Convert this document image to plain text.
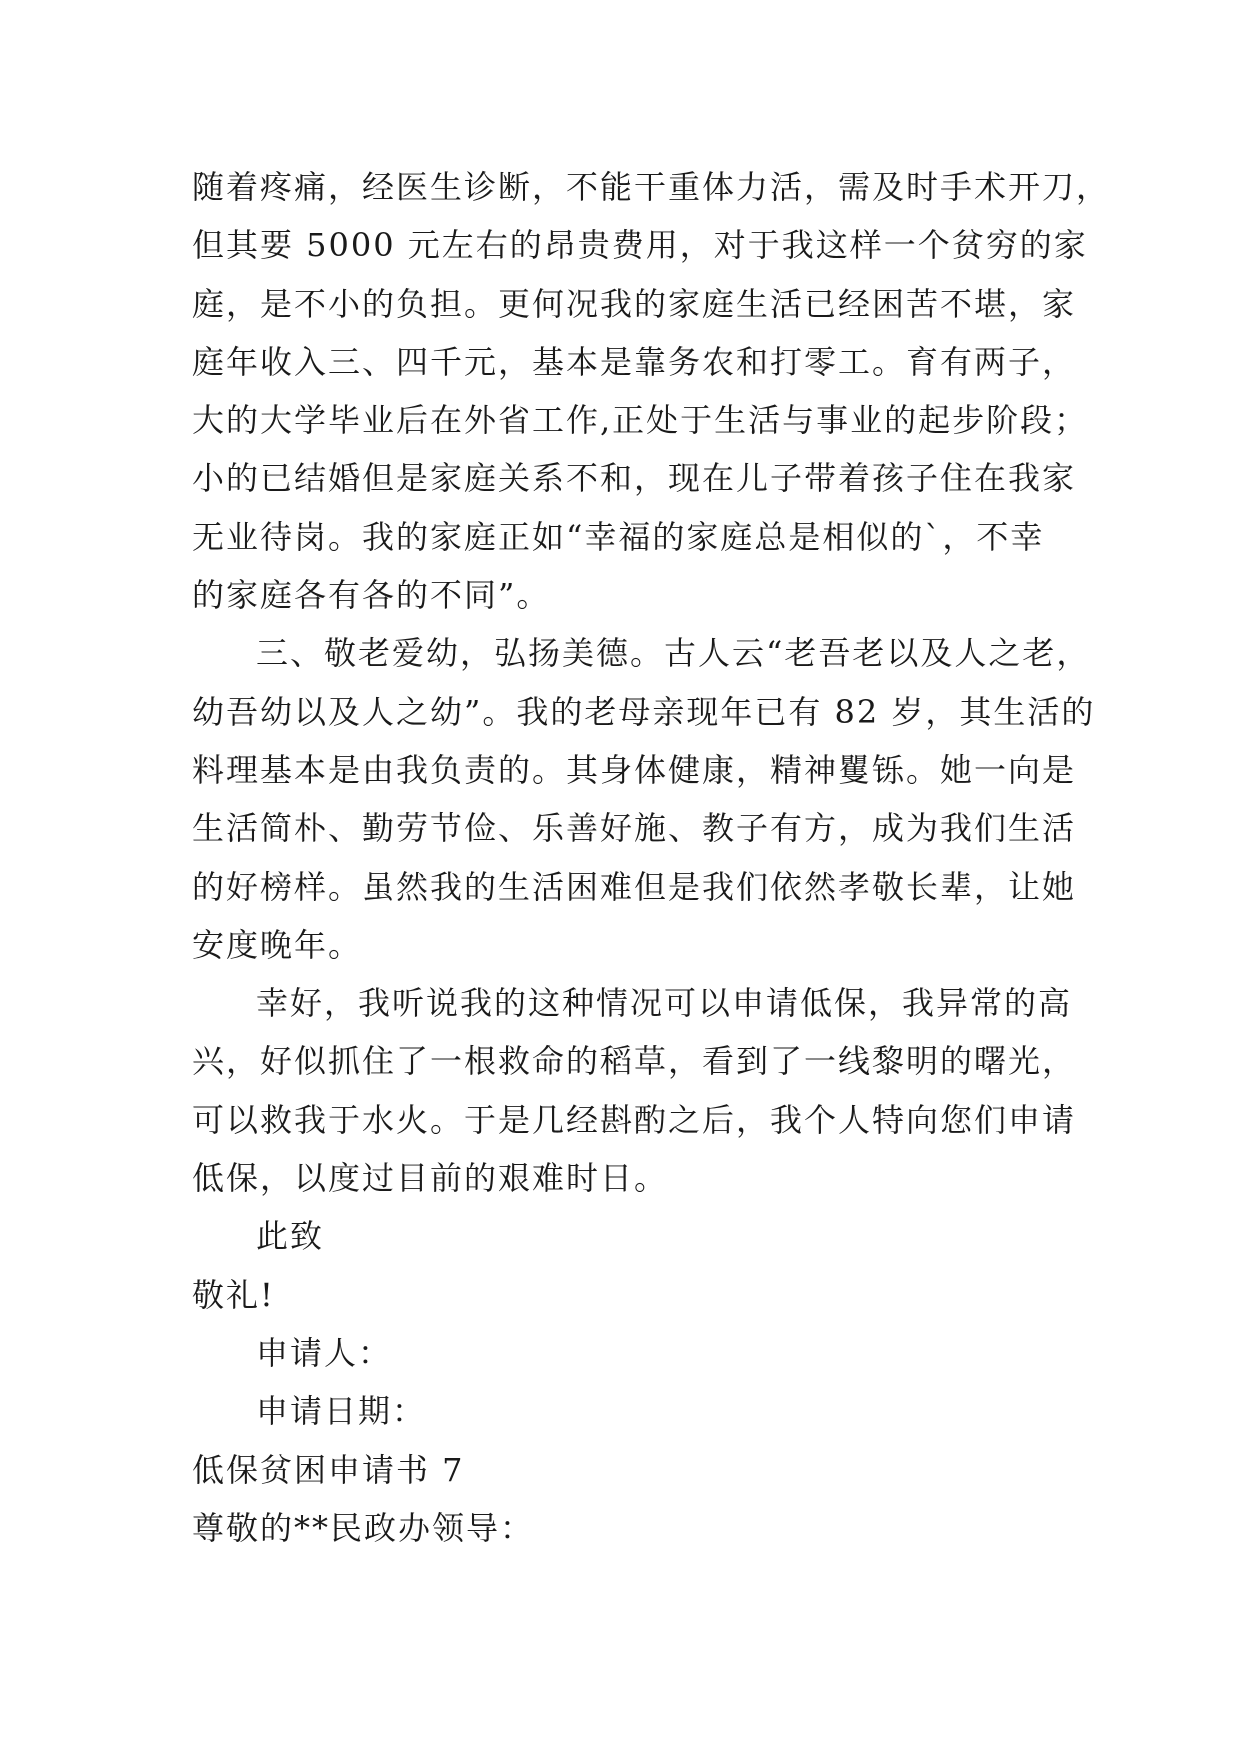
随着疼痛，经医生诊断，不能干重体力活，需及时手术开刀，

但其要 5000 元左右的昂贵费用，对于我这样一个贫穷的家

庭，是不小的负担。更何况我的家庭生活已经困苦不堪，家

庭年收入三、四千元，基本是靠务农和打零工。育有两子，

大的大学毕业后在外省工作,正处于生活与事业的起步阶段；

小的已结婚但是家庭关系不和，现在儿子带着孩子住在我家

无业待岗。我的家庭正如“幸福的家庭总是相似的`，不幸

的家庭各有各的不同”。

三、敬老爱幼，弘扬美德。古人云“老吾老以及人之老，

幼吾幼以及人之幼”。我的老母亲现年已有 82 岁，其生活的

料理基本是由我负责的。其身体健康，精神矍铄。她一向是

生活简朴、勤劳节俭、乐善好施、教子有方，成为我们生活

的好榜样。虽然我的生活困难但是我们依然孝敬长辈，让她

安度晚年。

幸好，我听说我的这种情况可以申请低保，我异常的高

兴，好似抓住了一根救命的稻草，看到了一线黎明的曙光，

可以救我于水火。于是几经斟酌之后，我个人特向您们申请

低保，以度过目前的艰难时日。

此致

敬礼!

申请人：

申请日期：

低保贫困申请书 7

尊敬的**民政办领导：
